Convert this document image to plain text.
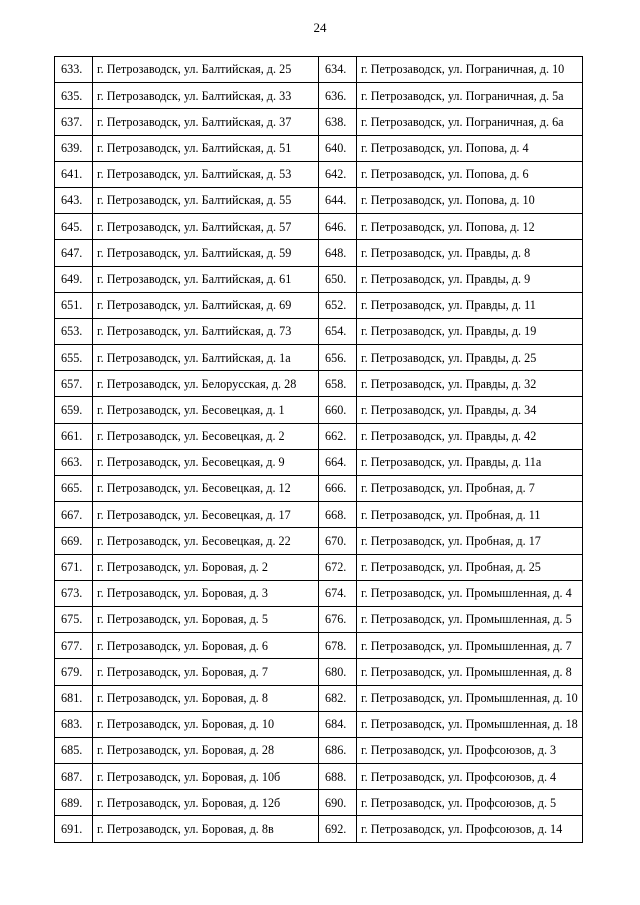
24
633.	г. Петрозаводск, ул. Балтийская, д. 25	634.	г. Петрозаводск, ул. Пограничная, д. 10
635.	г. Петрозаводск, ул. Балтийская, д. 33	636.	г. Петрозаводск, ул. Пограничная, д. 5а
637.	г. Петрозаводск, ул. Балтийская, д. 37	638.	г. Петрозаводск, ул. Пограничная, д. 6а
639.	г. Петрозаводск, ул. Балтийская, д. 51	640.	г. Петрозаводск, ул. Попова, д. 4
641.	г. Петрозаводск, ул. Балтийская, д. 53	642.	г. Петрозаводск, ул. Попова, д. 6
643.	г. Петрозаводск, ул. Балтийская, д. 55	644.	г. Петрозаводск, ул. Попова, д. 10
645.	г. Петрозаводск, ул. Балтийская, д. 57	646.	г. Петрозаводск, ул. Попова, д. 12
647.	г. Петрозаводск, ул. Балтийская, д. 59	648.	г. Петрозаводск, ул. Правды, д. 8
649.	г. Петрозаводск, ул. Балтийская, д. 61	650.	г. Петрозаводск, ул. Правды, д. 9
651.	г. Петрозаводск, ул. Балтийская, д. 69	652.	г. Петрозаводск, ул. Правды, д. 11
653.	г. Петрозаводск, ул. Балтийская, д. 73	654.	г. Петрозаводск, ул. Правды, д. 19
655.	г. Петрозаводск, ул. Балтийская, д. 1а	656.	г. Петрозаводск, ул. Правды, д. 25
657.	г. Петрозаводск, ул. Белорусская, д. 28	658.	г. Петрозаводск, ул. Правды, д. 32
659.	г. Петрозаводск, ул. Бесовецкая, д. 1	660.	г. Петрозаводск, ул. Правды, д. 34
661.	г. Петрозаводск, ул. Бесовецкая, д. 2	662.	г. Петрозаводск, ул. Правды, д. 42
663.	г. Петрозаводск, ул. Бесовецкая, д. 9	664.	г. Петрозаводск, ул. Правды, д. 11а
665.	г. Петрозаводск, ул. Бесовецкая, д. 12	666.	г. Петрозаводск, ул. Пробная, д. 7
667.	г. Петрозаводск, ул. Бесовецкая, д. 17	668.	г. Петрозаводск, ул. Пробная, д. 11
669.	г. Петрозаводск, ул. Бесовецкая, д. 22	670.	г. Петрозаводск, ул. Пробная, д. 17
671.	г. Петрозаводск, ул. Боровая, д. 2	672.	г. Петрозаводск, ул. Пробная, д. 25
673.	г. Петрозаводск, ул. Боровая, д. 3	674.	г. Петрозаводск, ул. Промышленная, д. 4
675.	г. Петрозаводск, ул. Боровая, д. 5	676.	г. Петрозаводск, ул. Промышленная, д. 5
677.	г. Петрозаводск, ул. Боровая, д. 6	678.	г. Петрозаводск, ул. Промышленная, д. 7
679.	г. Петрозаводск, ул. Боровая, д. 7	680.	г. Петрозаводск, ул. Промышленная, д. 8
681.	г. Петрозаводск, ул. Боровая, д. 8	682.	г. Петрозаводск, ул. Промышленная, д. 10
683.	г. Петрозаводск, ул. Боровая, д. 10	684.	г. Петрозаводск, ул. Промышленная, д. 18
685.	г. Петрозаводск, ул. Боровая, д. 28	686.	г. Петрозаводск, ул. Профсоюзов, д. 3
687.	г. Петрозаводск, ул. Боровая, д. 10б	688.	г. Петрозаводск, ул. Профсоюзов, д. 4
689.	г. Петрозаводск, ул. Боровая, д. 12б	690.	г. Петрозаводск, ул. Профсоюзов, д. 5
691.	г. Петрозаводск, ул. Боровая, д. 8в	692.	г. Петрозаводск, ул. Профсоюзов, д. 14
